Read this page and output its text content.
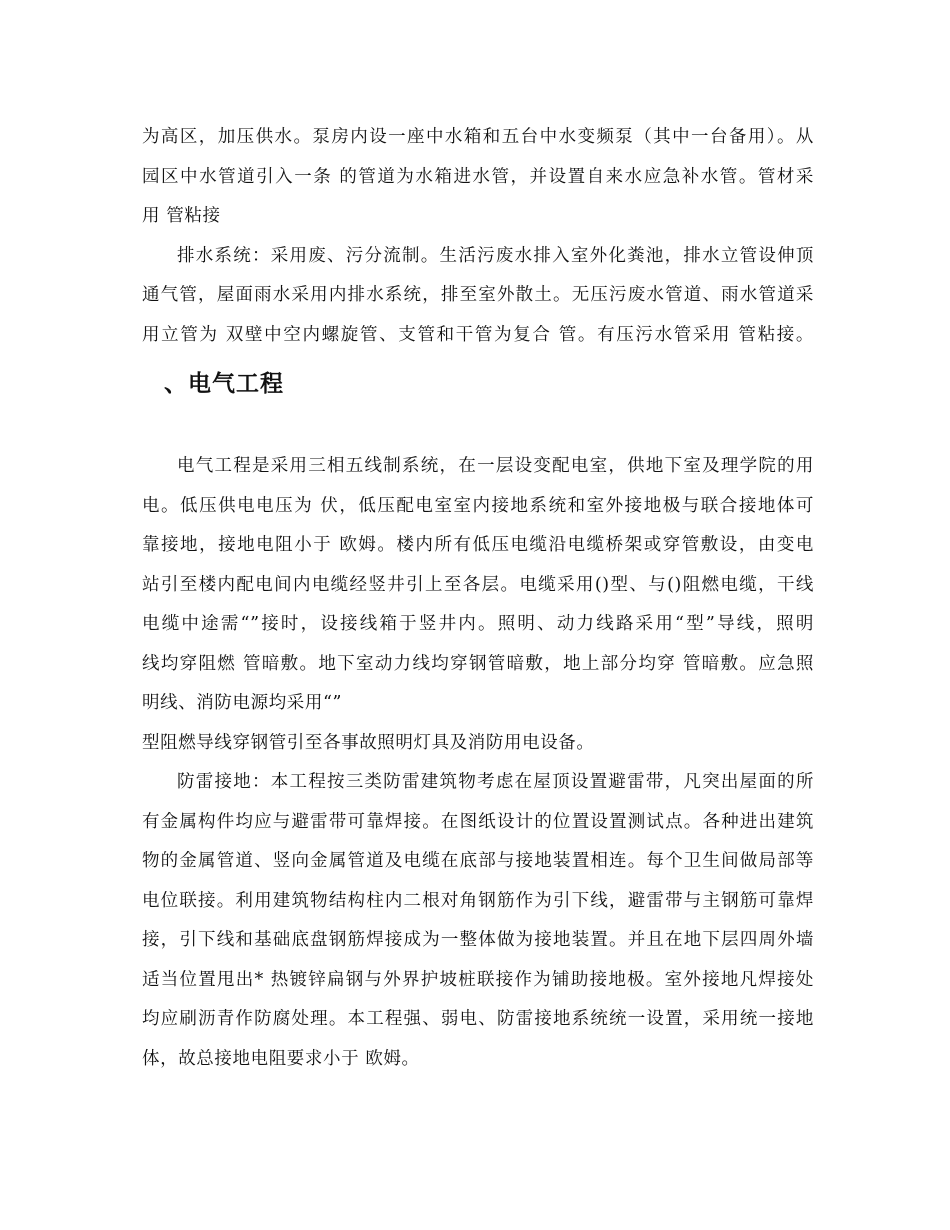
为高区，加压供水。泵房内设一座中水箱和五台中水变频泵（其中一台备用）。从
园区中水管道引入一条 的管道为水箱进水管，并设置自来水应急补水管。管材采
用 管粘接

排水系统：采用废、污分流制。生活污废水排入室外化粪池，排水立管设伸顶
通气管，屋面雨水采用内排水系统，排至室外散土。无压污废水管道、雨水管道采
用立管为 双壁中空内螺旋管、支管和干管为复合 管。有压污水管采用 管粘接。

、电气工程

电气工程是采用三相五线制系统，在一层设变配电室，供地下室及理学院的用
电。低压供电电压为 伏，低压配电室室内接地系统和室外接地极与联合接地体可
靠接地，接地电阻小于 欧姆。楼内所有低压电缆沿电缆桥架或穿管敷设，由变电
站引至楼内配电间内电缆经竖井引上至各层。电缆采用()型、与()阻燃电缆，干线
电缆中途需“”接时，设接线箱于竖井内。照明、动力线路采用“型”导线，照明
线均穿阻燃 管暗敷。地下室动力线均穿钢管暗敷，地上部分均穿 管暗敷。应急照
明线、消防电源均采用“”
型阻燃导线穿钢管引至各事故照明灯具及消防用电设备。

防雷接地：本工程按三类防雷建筑物考虑在屋顶设置避雷带，凡突出屋面的所
有金属构件均应与避雷带可靠焊接。在图纸设计的位置设置测试点。各种进出建筑
物的金属管道、竖向金属管道及电缆在底部与接地装置相连。每个卫生间做局部等
电位联接。利用建筑物结构柱内二根对角钢筋作为引下线，避雷带与主钢筋可靠焊
接，引下线和基础底盘钢筋焊接成为一整体做为接地装置。并且在地下层四周外墙
适当位置甩出* 热镀锌扁钢与外界护坡桩联接作为铺助接地极。室外接地凡焊接处
均应刷沥青作防腐处理。本工程强、弱电、防雷接地系统统一设置，采用统一接地
体，故总接地电阻要求小于 欧姆。
